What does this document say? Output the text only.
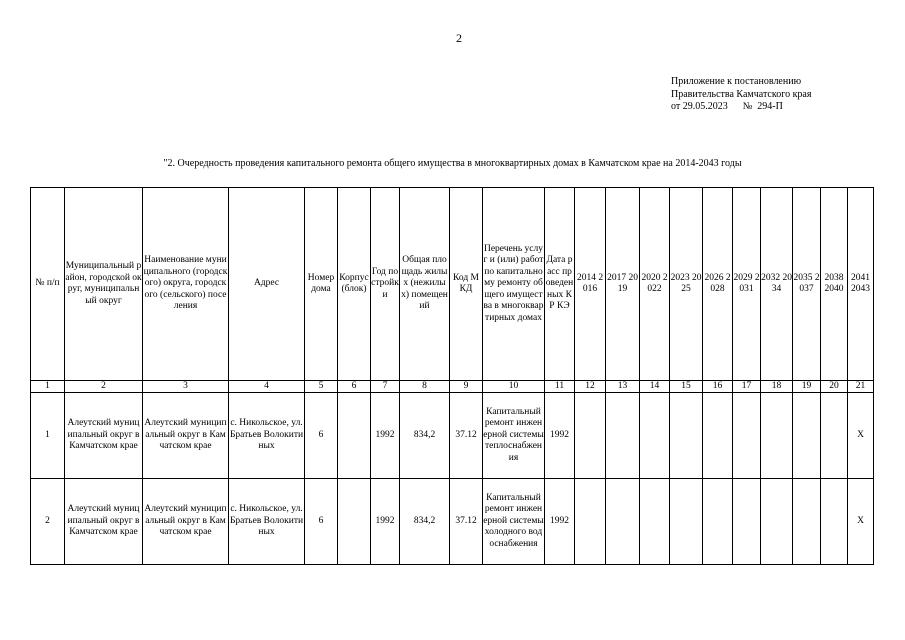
2
Приложение к постановлению
Правительства Камчатского края
от 29.05.2023      №  294-П
"2. Очередность проведения капитального ремонта общего имущества в многоквартирных домах в Камчатском крае на 2014-2043 годы
№ п/п	Муниципальный район, городской округ, муниципальный округ	Наименование муниципального (городского) округа, городского (сельского) поселения	Адрес	Номер дома	Корпус (блок)	Год постройки	Общая площадь жилых (нежилых) помещений	Код МКД	Перечень услуг и (или) работ по капитальному ремонту общего имущества в многоквартирных домах	Дата расс проведенных КР КЭ	2014 2016	2017 2019	2020 2022	2023 2025	2026 2028	2029 2031	2032 2034	2035 2037	2038 2040	2041 2043
1	2	3	4	5	6	7	8	9	10	11	12	13	14	15	16	17	18	19	20	21
1	Алеутский муниципальный округ в Камчатском крае	Алеутский муниципальный округ в Камчатском крае	с. Никольское, ул. Братьев Волокитиных	6		1992	834,2	37.12	Капитальный ремонт инженерной системы теплоснабжения	1992										X
2	Алеутский муниципальный округ в Камчатском крае	Алеутский муниципальный округ в Камчатском крае	с. Никольское, ул. Братьев Волокитиных	6		1992	834,2	37.12	Капитальный ремонт инженерной системы холодного водоснабжения	1992										X
